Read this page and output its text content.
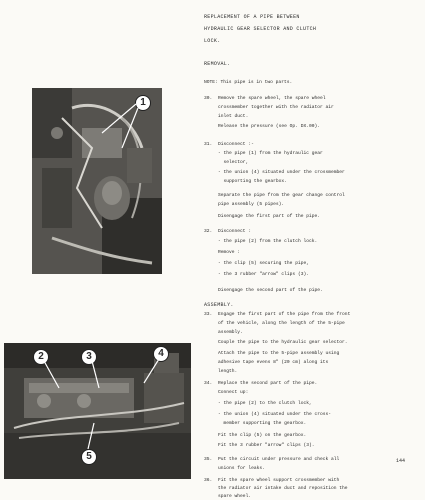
1
2	3	4
5
REPLACEMENT OF A PIPE BETWEEN
HYDRAULIC GEAR SELECTOR AND CLUTCH
LOCK.
REMOVAL.
NOTE: This pipe is in two parts.
30. Remove the spare wheel, the spare wheel
crossmember together with the radiator air
inlet duct.
Release the pressure (see Op. DX.00).
31. Disconnect :-
- the pipe (1) from the hydraulic gear
selector,
- the union (4) situated under the crossmember
supporting the gearbox.
Separate the pipe from the gear change control
pipe assembly (5 pipes).
Disengage the first part of the pipe.
32. Disconnect :
- the pipe (2) from the clutch lock.
Remove :
- the clip (5) securing the pipe,
- the 3 rubber "arrow" clips (3).
Disengage the second part of the pipe.
ASSEMBLY.
33. Engage the first part of the pipe from the front
of the vehicle, along the length of the 5-pipe
assembly.
Couple the pipe to the hydraulic gear selector.
Attach the pipe to the 5-pipe assembly using
adhesive tape evens 8" (20 cm) along its
length.
34. Replace the second part of the pipe.
Connect up:
- the pipe (2) to the clutch lock,
- the union (4) situated under the cross-
member supporting the gearbox.
Fit the clip (5) on the gearbox.
Fit the 3 rubber "arrow" clips (3).
35. Put the circuit under pressure and check all
unions for leaks.
36. Fit the spare wheel support crossmember with
the radiator air intake duct and reposition the
spare wheel.
144
